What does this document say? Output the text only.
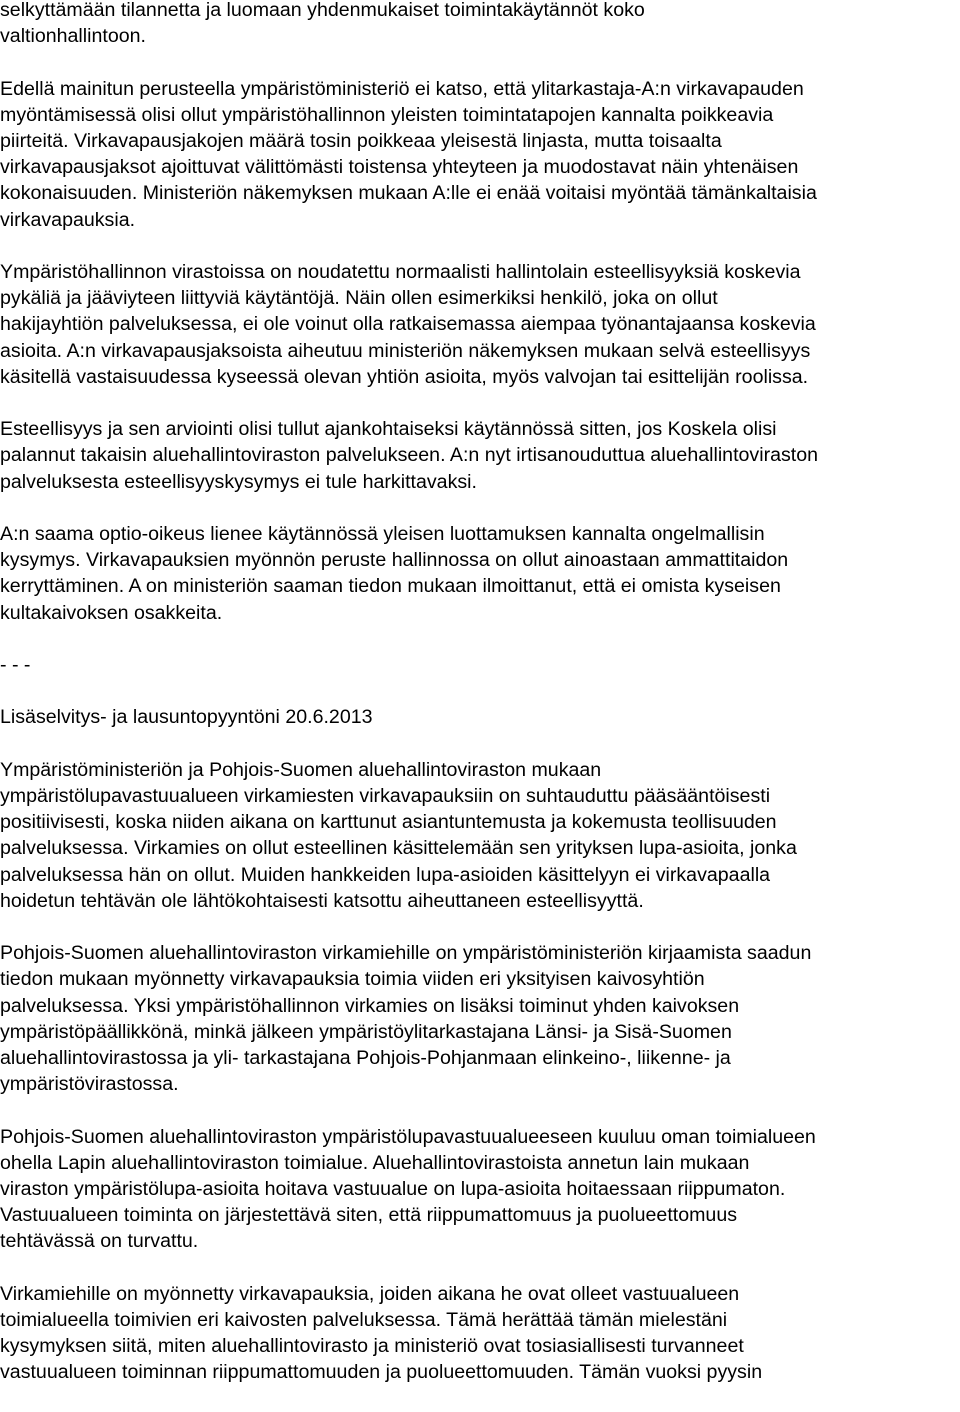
selkyttämään tilannetta ja luomaan yhdenmukaiset toimintakäytännöt koko
valtionhallintoon.

Edellä mainitun perusteella ympäristöministeriö ei katso, että ylitarkastaja-A:n virkavapauden
myöntämisessä olisi ollut ympäristöhallinnon yleisten toimintatapojen kannalta poikkeavia
piirteitä. Virkavapausjakojen määrä tosin poikkeaa yleisestä linjasta, mutta toisaalta
virkavapausjaksot ajoittuvat välittömästi toistensa yhteyteen ja muodostavat näin yhtenäisen
kokonaisuuden. Ministeriön näkemyksen mukaan A:lle ei enää voitaisi myöntää tämänkaltaisia
virkavapauksia.

Ympäristöhallinnon virastoissa on noudatettu normaalisti hallintolain esteellisyyksiä koskevia
pykäliä ja jääviyteen liittyviä käytäntöjä. Näin ollen esimerkiksi henkilö, joka on ollut
hakijayhtiön palveluksessa, ei ole voinut olla ratkaisemassa aiempaa työnantajaansa koskevia
asioita. A:n virkavapausjaksoista aiheutuu ministeriön näkemyksen mukaan selvä esteellisyys
käsitellä vastaisuudessa kyseessä olevan yhtiön asioita, myös valvojan tai esittelijän roolissa.

Esteellisyys ja sen arviointi olisi tullut ajankohtaiseksi käytännössä sitten, jos Koskela olisi
palannut takaisin aluehallintoviraston palvelukseen. A:n nyt irtisanouduttua aluehallintoviraston
palveluksesta esteellisyyskysymys ei tule harkittavaksi.

A:n saama optio-oikeus lienee käytännössä yleisen luottamuksen kannalta ongelmallisin
kysymys. Virkavapauksien myönnön peruste hallinnossa on ollut ainoastaan ammattitaidon
kerryttäminen. A on ministeriön saaman tiedon mukaan ilmoittanut, että ei omista kyseisen
kultakaivoksen osakkeita.

- - -

Lisäselvitys- ja lausuntopyyntöni 20.6.2013

Ympäristöministeriön ja Pohjois-Suomen aluehallintoviraston mukaan
ympäristölupavastuualueen virkamiesten virkavapauksiin on suhtauduttu pääsääntöisesti
positiivisesti, koska niiden aikana on karttunut asiantuntemusta ja kokemusta teollisuuden
palveluksessa. Virkamies on ollut esteellinen käsittelemään sen yrityksen lupa-asioita, jonka
palveluksessa hän on ollut. Muiden hankkeiden lupa-asioiden käsittelyyn ei virkavapaalla
hoidetun tehtävän ole lähtökohtaisesti katsottu aiheuttaneen esteellisyyttä.

Pohjois-Suomen aluehallintoviraston virkamiehille on ympäristöministeriön kirjaamista saadun
tiedon mukaan myönnetty virkavapauksia toimia viiden eri yksityisen kaivosyhtiön
palveluksessa. Yksi ympäristöhallinnon virkamies on lisäksi toiminut yhden kaivoksen
ympäristöpäällikkönä, minkä jälkeen ympäristöylitarkastajana Länsi- ja Sisä-Suomen
aluehallintovirastossa ja yli- tarkastajana Pohjois-Pohjanmaan elinkeino-, liikenne- ja
ympäristövirastossa.

Pohjois-Suomen aluehallintoviraston ympäristölupavastuualueeseen kuuluu oman toimialueen
ohella Lapin aluehallintoviraston toimialue. Aluehallintovirastoista annetun lain mukaan
viraston ympäristölupa-asioita hoitava vastuualue on lupa-asioita hoitaessaan riippumaton.
Vastuualueen toiminta on järjestettävä siten, että riippumattomuus ja puolueettomuus
tehtävässä on turvattu.

Virkamiehille on myönnetty virkavapauksia, joiden aikana he ovat olleet vastuualueen
toimialueella toimivien eri kaivosten palveluksessa. Tämä herättää tämän mielestäni
kysymyksen siitä, miten aluehallintovirasto ja ministeriö ovat tosiasiallisesti turvanneet
vastuualueen toiminnan riippumattomuuden ja puolueettomuuden. Tämän vuoksi pyysin
